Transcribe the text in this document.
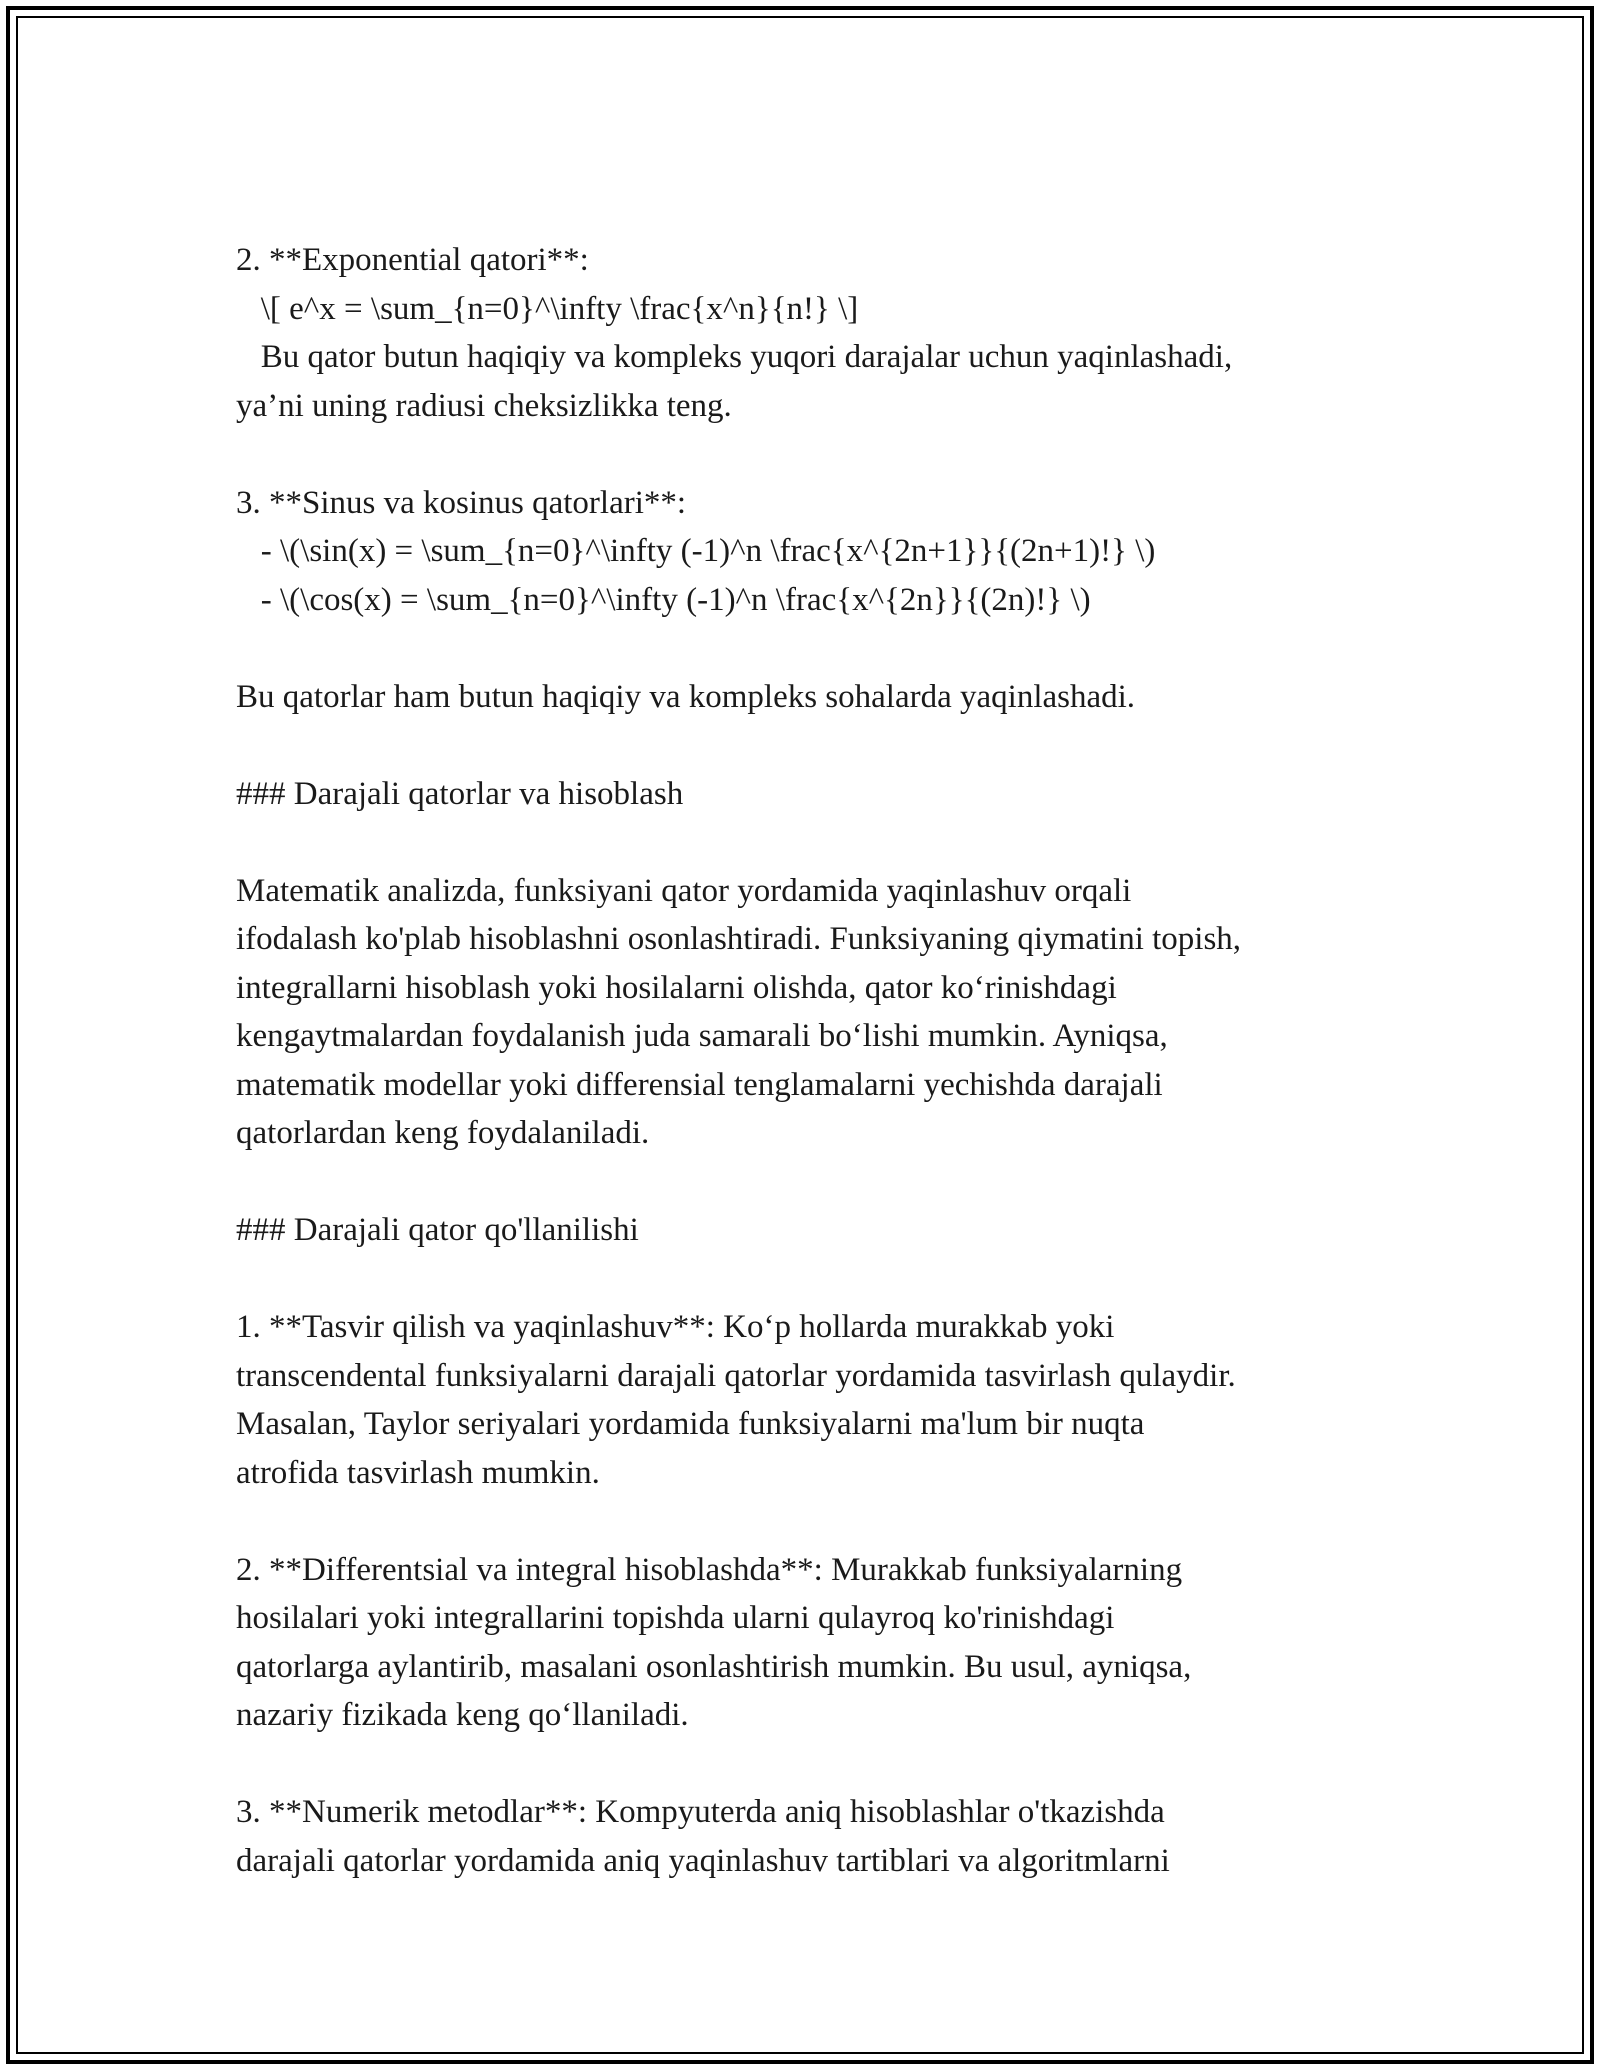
2. **Exponential qatori**:
\[ e^x = \sum_{n=0}^\infty \frac{x^n}{n!} \]
Bu qator butun haqiqiy va kompleks yuqori darajalar uchun yaqinlashadi,
ya’ni uning radiusi cheksizlikka teng.
3. **Sinus va kosinus qatorlari**:
- \(\sin(x) = \sum_{n=0}^\infty (-1)^n \frac{x^{2n+1}}{(2n+1)!} \)
- \(\cos(x) = \sum_{n=0}^\infty (-1)^n \frac{x^{2n}}{(2n)!} \)
Bu qatorlar ham butun haqiqiy va kompleks sohalarda yaqinlashadi.
### Darajali qatorlar va hisoblash
Matematik analizda, funksiyani qator yordamida yaqinlashuv orqali
ifodalash ko'plab hisoblashni osonlashtiradi. Funksiyaning qiymatini topish,
integrallarni hisoblash yoki hosilalarni olishda, qator ko‘rinishdagi
kengaytmalardan foydalanish juda samarali bo‘lishi mumkin. Ayniqsa,
matematik modellar yoki differensial tenglamalarni yechishda darajali
qatorlardan keng foydalaniladi.
### Darajali qator qo'llanilishi
1. **Tasvir qilish va yaqinlashuv**: Ko‘p hollarda murakkab yoki
transcendental funksiyalarni darajali qatorlar yordamida tasvirlash qulaydir.
Masalan, Taylor seriyalari yordamida funksiyalarni ma'lum bir nuqta
atrofida tasvirlash mumkin.
2. **Differentsial va integral hisoblashda**: Murakkab funksiyalarning
hosilalari yoki integrallarini topishda ularni qulayroq ko'rinishdagi
qatorlarga aylantirib, masalani osonlashtirish mumkin. Bu usul, ayniqsa,
nazariy fizikada keng qo‘llaniladi.
3. **Numerik metodlar**: Kompyuterda aniq hisoblashlar o'tkazishda
darajali qatorlar yordamida aniq yaqinlashuv tartiblari va algoritmlarni
